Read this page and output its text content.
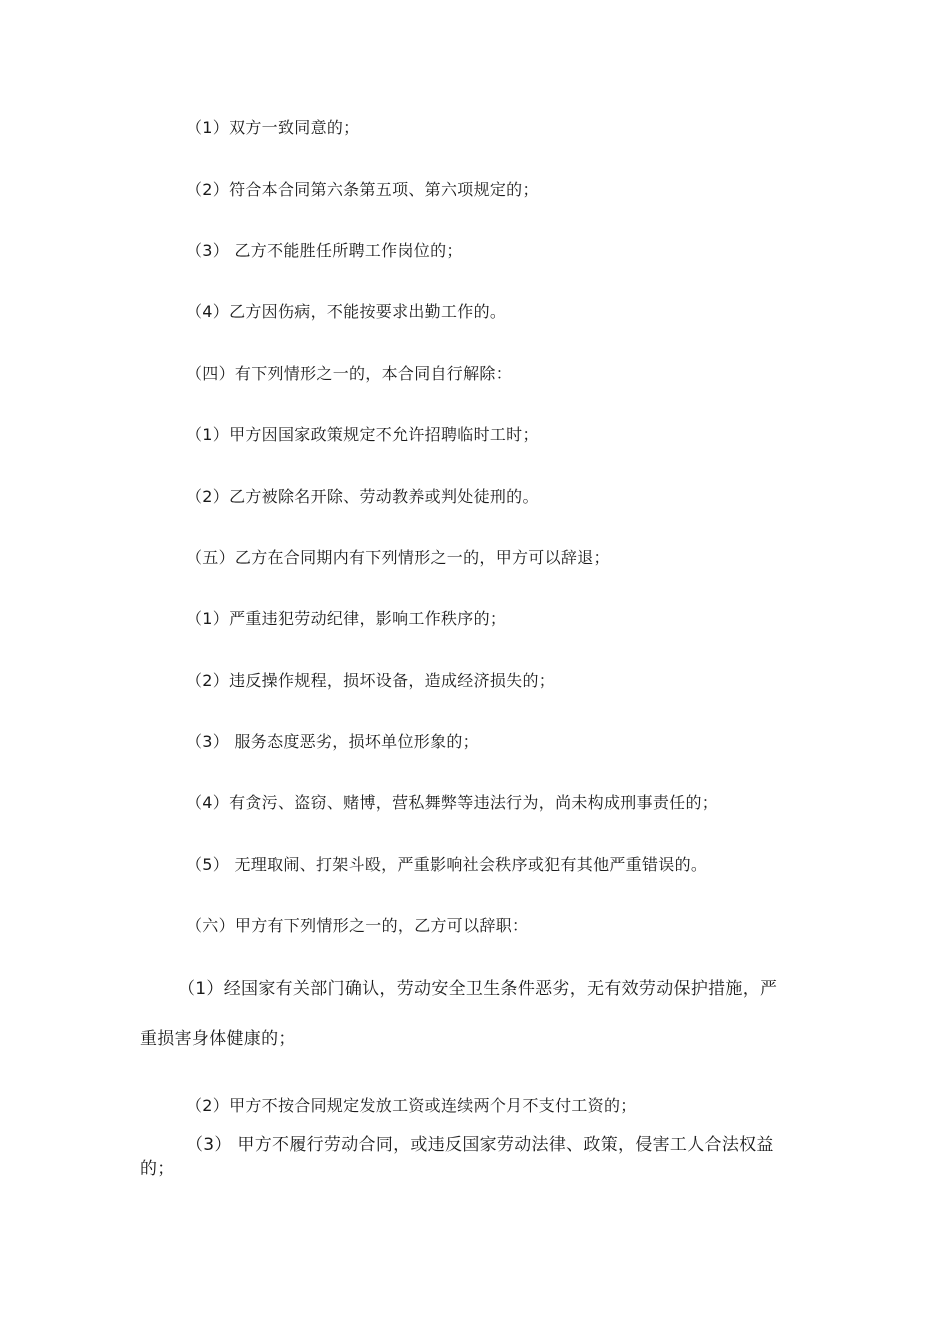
（1）双方一致同意的；
（2）符合本合同第六条第五项、第六项规定的；
（3） 乙方不能胜任所聘工作岗位的；
（4）乙方因伤病，不能按要求出勤工作的。
（四）有下列情形之一的，本合同自行解除：
（1）甲方因国家政策规定不允许招聘临时工时；
（2）乙方被除名开除、劳动教养或判处徒刑的。
（五）乙方在合同期内有下列情形之一的，甲方可以辞退；
（1）严重违犯劳动纪律，影响工作秩序的；
（2）违反操作规程，损坏设备，造成经济损失的；
（3） 服务态度恶劣，损坏单位形象的；
（4）有贪污、盗窃、赌博，营私舞弊等违法行为，尚未构成刑事责任的；
（5） 无理取闹、打架斗殴，严重影响社会秩序或犯有其他严重错误的。
（六）甲方有下列情形之一的，乙方可以辞职：
（1）经国家有关部门确认，劳动安全卫生条件恶劣，无有效劳动保护措施，严
重损害身体健康的；
（2）甲方不按合同规定发放工资或连续两个月不支付工资的；
（3） 甲方不履行劳动合同，或违反国家劳动法律、政策，侵害工人合法权益
的；
